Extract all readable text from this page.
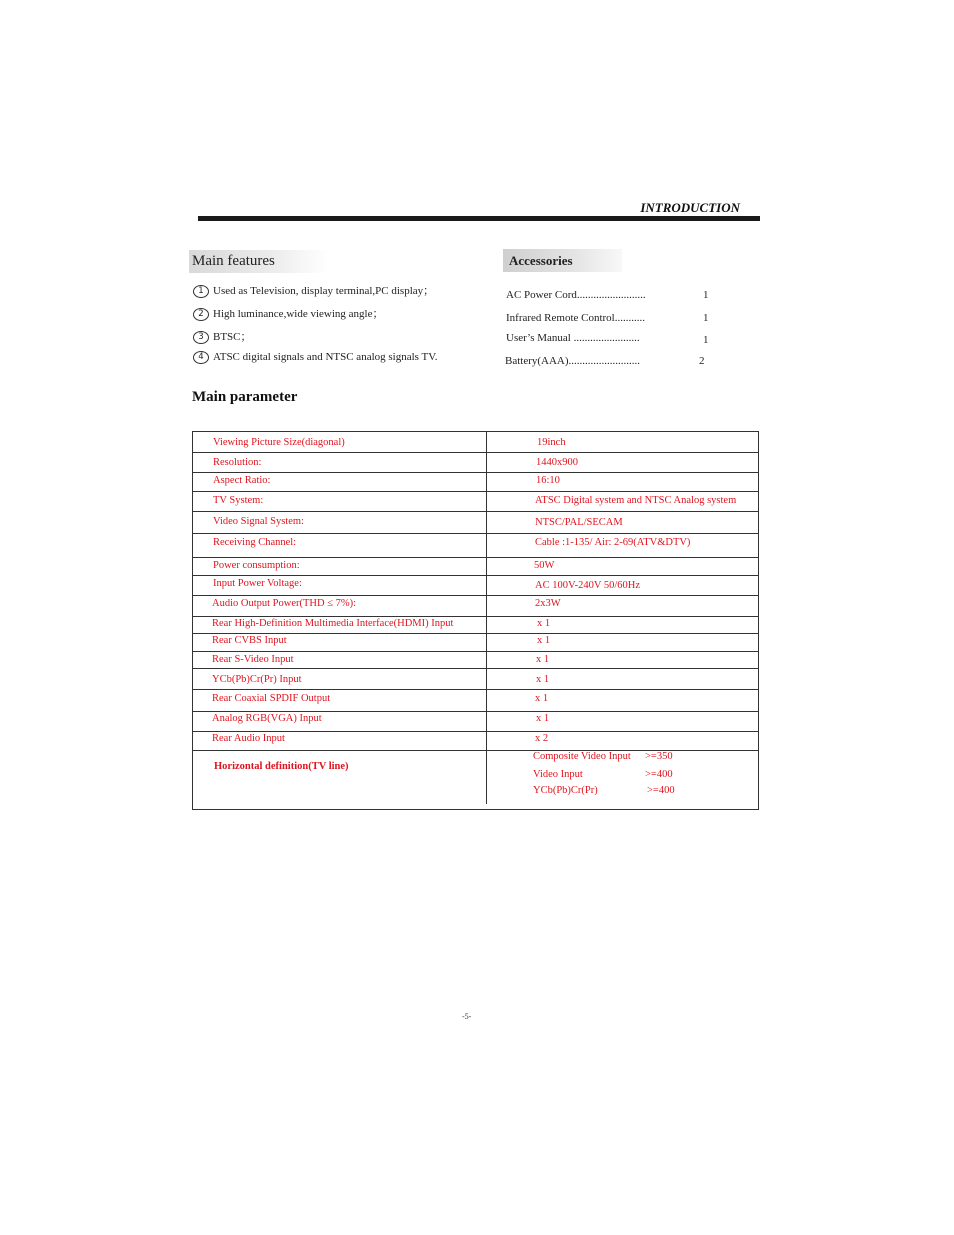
INTRODUCTION
Main features
1 Used as Television, display terminal,PC display；
2 High luminance,wide viewing angle；
3 BTSC；
4 ATSC digital signals and NTSC analog signals TV.
Accessories
AC Power Cord.........................	1
Infrared Remote Control...........	1
User’s Manual ........................	1
Battery(AAA)..........................	2
Main parameter
Viewing Picture Size(diagonal)	19inch
Resolution:	1440x900
Aspect Ratio:	16:10
TV System:	ATSC Digital system and NTSC Analog system
Video Signal System:	NTSC/PAL/SECAM
Receiving Channel:	Cable :1-135/ Air: 2-69(ATV&DTV)
Power consumption:	50W
Input Power Voltage:	AC 100V-240V 50/60Hz
Audio Output Power(THD ≤ 7%):	2x3W
Rear High-Definition Multimedia Interface(HDMI) Input	x 1
Rear CVBS Input	x 1
Rear S-Video Input	x 1
YCb(Pb)Cr(Pr) Input	x 1
Rear Coaxial SPDIF Output	x 1
Analog RGB(VGA) Input	x 1
Rear Audio Input	x 2
Horizontal definition(TV line)
Composite Video Input >=350
Video Input	>=400
YCb(Pb)Cr(Pr)	>=400
-5-
